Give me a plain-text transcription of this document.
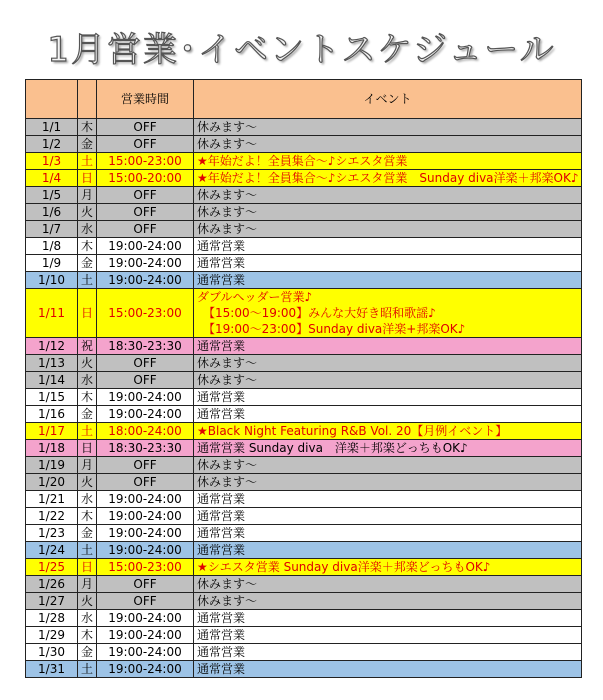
1月営業･イベントスケジュール
		営業時間	イベント
1/1	木	OFF	休みます〜

1/2	金	OFF	休みます〜

1/3	土	15:00-23:00	★年始だよ！全員集合〜♪シエスタ営業

1/4	日	15:00-20:00	★年始だよ！全員集合〜♪シエスタ営業　Sunday diva洋楽＋邦楽OK♪

1/5	月	OFF	休みます〜

1/6	火	OFF	休みます〜

1/7	水	OFF	休みます〜

1/8	木	19:00-24:00	通常営業

1/9	金	19:00-24:00	通常営業

1/10	土	19:00-24:00	通常営業

1/11	日	15:00-23:00	ダブルヘッダー営業♪
【15:00〜19:00】みんな大好き昭和歌謡♪
【19:00〜23:00】Sunday diva洋楽+邦楽OK♪

1/12	祝	18:30-23:30	通常営業

1/13	火	OFF	休みます〜

1/14	水	OFF	休みます〜

1/15	木	19:00-24:00	通常営業

1/16	金	19:00-24:00	通常営業

1/17	土	18:00-24:00	★Black Night Featuring R&B Vol. 20【月例イベント】

1/18	日	18:30-23:30	通常営業 Sunday diva　洋楽＋邦楽どっちもOK♪

1/19	月	OFF	休みます〜

1/20	火	OFF	休みます〜

1/21	水	19:00-24:00	通常営業

1/22	木	19:00-24:00	通常営業

1/23	金	19:00-24:00	通常営業

1/24	土	19:00-24:00	通常営業

1/25	日	15:00-23:00	★シエスタ営業 Sunday diva洋楽＋邦楽どっちもOK♪

1/26	月	OFF	休みます〜

1/27	火	OFF	休みます〜

1/28	水	19:00-24:00	通常営業

1/29	木	19:00-24:00	通常営業

1/30	金	19:00-24:00	通常営業

1/31	土	19:00-24:00	通常営業
